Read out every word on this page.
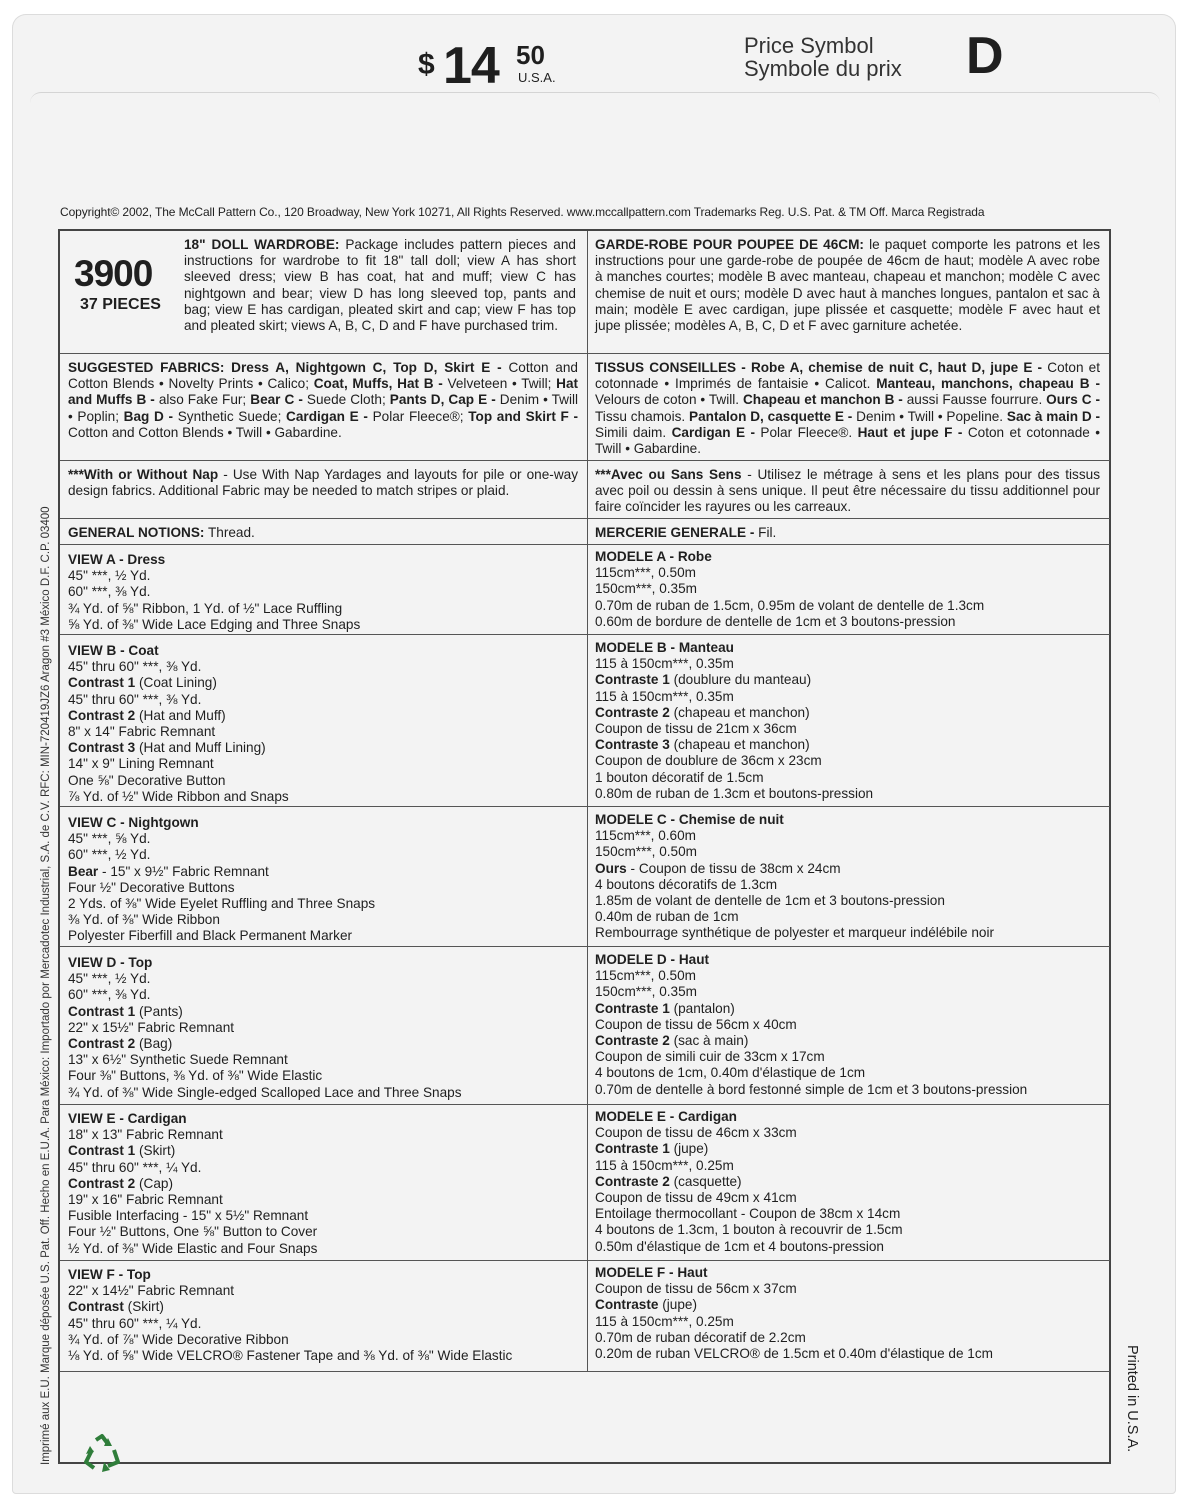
$ 14 50
U.S.A.
Price Symbol
Symbole du prix D
Copyright© 2002, The McCall Pattern Co., 120 Broadway, New York 10271, All Rights Reserved. www.mccallpattern.com Trademarks Reg. U.S. Pat. & TM Off. Marca Registrada
3900
37 PIECES
18" DOLL WARDROBE: Package includes pattern pieces and instructions for wardrobe to fit 18" tall doll; view A has short sleeved dress; view B has coat, hat and muff; view C has nightgown and bear; view D has long sleeved top, pants and bag; view E has cardigan, pleated skirt and cap; view F has top and pleated skirt; views A, B, C, D and F have purchased trim.
GARDE-ROBE POUR POUPEE DE 46CM: le paquet comporte les patrons et les instructions pour une garde-robe de poupée de 46cm de haut; modèle A avec robe à manches courtes; modèle B avec manteau, chapeau et manchon; modèle C avec chemise de nuit et ours; modèle D avec haut à manches longues, pantalon et sac à main; modèle E avec cardigan, jupe plissée et casquette; modèle F avec haut et jupe plissée; modèles A, B, C, D et F avec garniture achetée.
SUGGESTED FABRICS: Dress A, Nightgown C, Top D, Skirt E - Cotton and Cotton Blends • Novelty Prints • Calico; Coat, Muffs, Hat B - Velveteen • Twill; Hat and Muffs B - also Fake Fur; Bear C - Suede Cloth; Pants D, Cap E - Denim • Twill • Poplin; Bag D - Synthetic Suede; Cardigan E - Polar Fleece®; Top and Skirt F - Cotton and Cotton Blends • Twill • Gabardine.
TISSUS CONSEILLES - Robe A, chemise de nuit C, haut D, jupe E - Coton et cotonnade • Imprimés de fantaisie • Calicot. Manteau, manchons, chapeau B - Velours de coton • Twill. Chapeau et manchon B - aussi Fausse fourrure. Ours C - Tissu chamois. Pantalon D, casquette E - Denim • Twill • Popeline. Sac à main D - Simili daim. Cardigan E - Polar Fleece®. Haut et jupe F - Coton et cotonnade • Twill • Gabardine.
***With or Without Nap - Use With Nap Yardages and layouts for pile or one-way design fabrics. Additional Fabric may be needed to match stripes or plaid.
***Avec ou Sans Sens - Utilisez le métrage à sens et les plans pour des tissus avec poil ou dessin à sens unique. Il peut être nécessaire du tissu additionnel pour faire coïncider les rayures ou les carreaux.
GENERAL NOTIONS: Thread.	MERCERIE GENERALE - Fil.
VIEW A - Dress
45" ***, ½ Yd.
60" ***, ⅜ Yd.
¾ Yd. of ⅝" Ribbon, 1 Yd. of ½" Lace Ruffling
⅝ Yd. of ⅜" Wide Lace Edging and Three Snaps
MODELE A - Robe
115cm***, 0.50m
150cm***, 0.35m
0.70m de ruban de 1.5cm, 0.95m de volant de dentelle de 1.3cm
0.60m de bordure de dentelle de 1cm et 3 boutons-pression
VIEW B - Coat
45" thru 60" ***, ⅜ Yd.
Contrast 1 (Coat Lining)
45" thru 60" ***, ⅜ Yd.
Contrast 2 (Hat and Muff)
8" x 14" Fabric Remnant
Contrast 3 (Hat and Muff Lining)
14" x 9" Lining Remnant
One ⅝" Decorative Button
⅞ Yd. of ½" Wide Ribbon and Snaps
MODELE B - Manteau
115 à 150cm***, 0.35m
Contraste 1 (doublure du manteau)
115 à 150cm***, 0.35m
Contraste 2 (chapeau et manchon)
Coupon de tissu de 21cm x 36cm
Contraste 3 (chapeau et manchon)
Coupon de doublure de 36cm x 23cm
1 bouton décoratif de 1.5cm
0.80m de ruban de 1.3cm et boutons-pression
VIEW C - Nightgown
45" ***, ⅝ Yd.
60" ***, ½ Yd.
Bear - 15" x 9½" Fabric Remnant
Four ½" Decorative Buttons
2 Yds. of ⅜" Wide Eyelet Ruffling and Three Snaps
⅜ Yd. of ⅜" Wide Ribbon
Polyester Fiberfill and Black Permanent Marker
MODELE C - Chemise de nuit
115cm***, 0.60m
150cm***, 0.50m
Ours - Coupon de tissu de 38cm x 24cm
4 boutons décoratifs de 1.3cm
1.85m de volant de dentelle de 1cm et 3 boutons-pression
0.40m de ruban de 1cm
Rembourrage synthétique de polyester et marqueur indélébile noir
VIEW D - Top
45" ***, ½ Yd.
60" ***, ⅜ Yd.
Contrast 1 (Pants)
22" x 15½" Fabric Remnant
Contrast 2 (Bag)
13" x 6½" Synthetic Suede Remnant
Four ⅜" Buttons, ⅜ Yd. of ⅜" Wide Elastic
¾ Yd. of ⅜" Wide Single-edged Scalloped Lace and Three Snaps
MODELE D - Haut
115cm***, 0.50m
150cm***, 0.35m
Contraste 1 (pantalon)
Coupon de tissu de 56cm x 40cm
Contraste 2 (sac à main)
Coupon de simili cuir de 33cm x 17cm
4 boutons de 1cm, 0.40m d'élastique de 1cm
0.70m de dentelle à bord festonné simple de 1cm et 3 boutons-pression
VIEW E - Cardigan
18" x 13" Fabric Remnant
Contrast 1 (Skirt)
45" thru 60" ***, ¼ Yd.
Contrast 2 (Cap)
19" x 16" Fabric Remnant
Fusible Interfacing - 15" x 5½" Remnant
Four ½" Buttons, One ⅝" Button to Cover
½ Yd. of ⅜" Wide Elastic and Four Snaps
MODELE E - Cardigan
Coupon de tissu de 46cm x 33cm
Contraste 1 (jupe)
115 à 150cm***, 0.25m
Contraste 2 (casquette)
Coupon de tissu de 49cm x 41cm
Entoilage thermocollant - Coupon de 38cm x 14cm
4 boutons de 1.3cm, 1 bouton à recouvrir de 1.5cm
0.50m d'élastique de 1cm et 4 boutons-pression
VIEW F - Top
22" x 14½" Fabric Remnant
Contrast (Skirt)
45" thru 60" ***, ¼ Yd.
¾ Yd. of ⅞" Wide Decorative Ribbon
⅛ Yd. of ⅝" Wide VELCRO® Fastener Tape and ⅜ Yd. of ⅜" Wide Elastic
MODELE F - Haut
Coupon de tissu de 56cm x 37cm
Contraste (jupe)
115 à 150cm***, 0.25m
0.70m de ruban décoratif de 2.2cm
0.20m de ruban VELCRO® de 1.5cm et 0.40m d'élastique de 1cm
Imprimé aux E.U. Marque déposée U.S. Pat. Off. Hecho en E.U.A. Para México: Importado por Mercadotec Industrial, S.A. de C.V. RFC: MIN-720419JZ6 Aragon #3 México D.F. C.P. 03400	Printed in U.S.A.
